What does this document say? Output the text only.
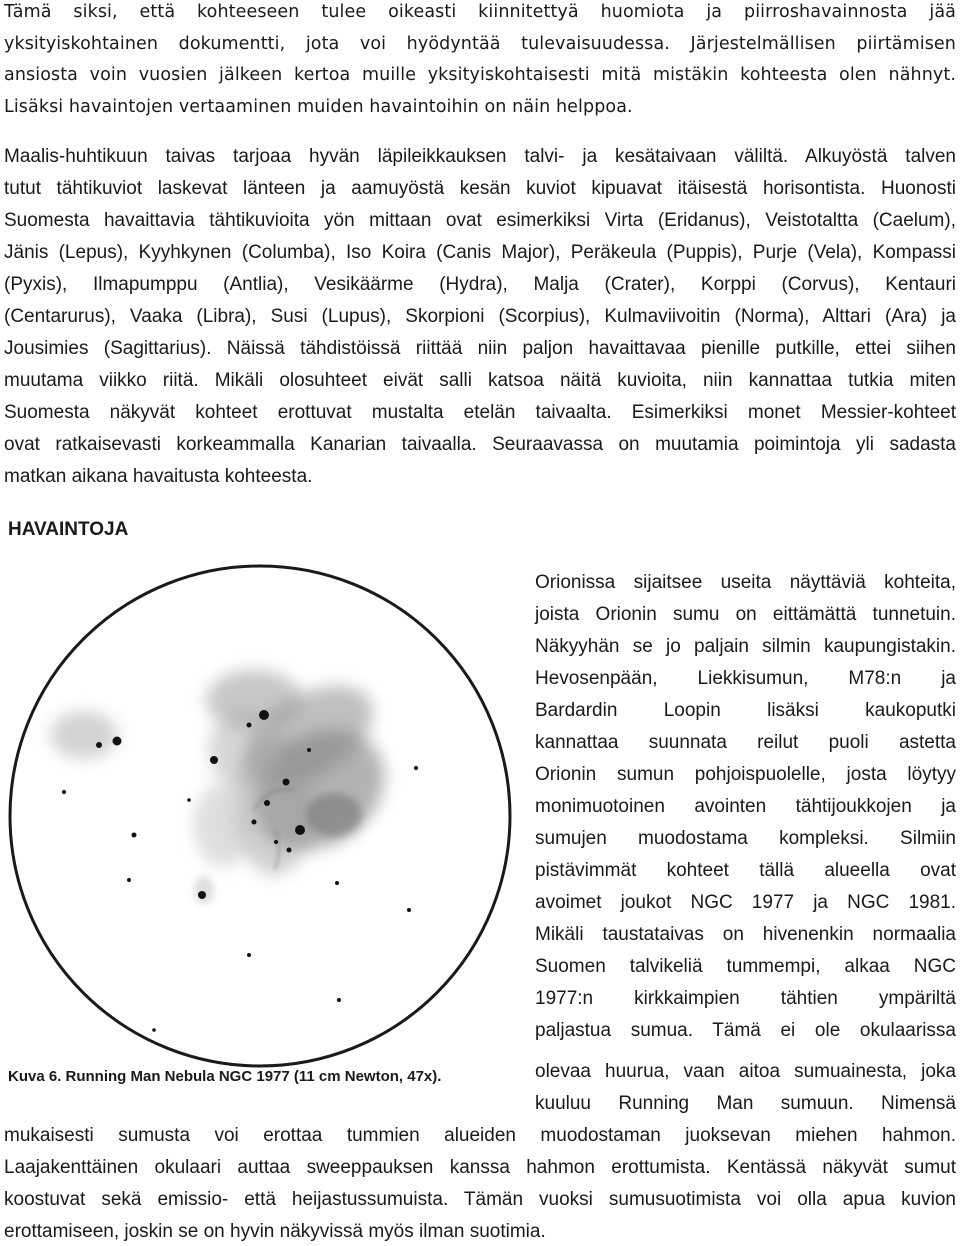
Tämä siksi, että kohteeseen tulee oikeasti kiinnitettyä huomiota ja piirroshavainnosta jää

yksityiskohtainen dokumentti, jota voi hyödyntää tulevaisuudessa. Järjestelmällisen piirtämisen

ansiosta voin vuosien jälkeen kertoa muille yksityiskohtaisesti mitä mistäkin kohteesta olen nähnyt.

Lisäksi havaintojen vertaaminen muiden havaintoihin on näin helppoa.

Maalis-huhtikuun taivas tarjoaa hyvän läpileikkauksen talvi- ja kesätaivaan väliltä. Alkuyöstä talven

tutut tähtikuviot laskevat länteen ja aamuyöstä kesän kuviot kipuavat itäisestä horisontista. Huonosti

Suomesta havaittavia tähtikuvioita yön mittaan ovat esimerkiksi Virta (Eridanus), Veistotaltta (Caelum),

Jänis (Lepus), Kyyhkynen (Columba), Iso Koira (Canis Major), Peräkeula (Puppis), Purje (Vela), Kompassi

(Pyxis), Ilmapumppu (Antlia), Vesikäärme (Hydra), Malja (Crater), Korppi (Corvus), Kentauri

(Centarurus), Vaaka (Libra), Susi (Lupus), Skorpioni (Scorpius), Kulmaviivoitin (Norma), Alttari (Ara) ja

Jousimies (Sagittarius). Näissä tähdistöissä riittää niin paljon havaittavaa pienille putkille, ettei siihen

muutama viikko riitä. Mikäli olosuhteet eivät salli katsoa näitä kuvioita, niin kannattaa tutkia miten

Suomesta näkyvät kohteet erottuvat mustalta etelän taivaalta. Esimerkiksi monet Messier-kohteet

ovat ratkaisevasti korkeammalla Kanarian taivaalla. Seuraavassa on muutamia poimintoja yli sadasta

matkan aikana havaitusta kohteesta.

HAVAINTOJA

Orionissa sijaitsee useita näyttäviä kohteita,

joista Orionin sumu on eittämättä tunnetuin.

Näkyyhän se jo paljain silmin kaupungistakin.

Hevosenpään, Liekkisumun, M78:n ja

Bardardin Loopin lisäksi kaukoputki

kannattaa suunnata reilut puoli astetta

Orionin sumun pohjoispuolelle, josta löytyy

monimuotoinen avointen tähtijoukkojen ja

sumujen muodostama kompleksi. Silmiin

pistävimmät kohteet tällä alueella ovat

avoimet joukot NGC 1977 ja NGC 1981.

Mikäli taustataivas on hivenenkin normaalia

Suomen talvikeliä tummempi, alkaa NGC

1977:n kirkkaimpien tähtien ympäriltä

paljastua sumua. Tämä ei ole okulaarissa

olevaa huurua, vaan aitoa sumuainesta, joka

kuuluu Running Man sumuun. Nimensä

Kuva 6. Running Man Nebula NGC 1977 (11 cm Newton, 47x).

mukaisesti sumusta voi erottaa tummien alueiden muodostaman juoksevan miehen hahmon.

Laajakenttäinen okulaari auttaa sweeppauksen kanssa hahmon erottumista. Kentässä näkyvät sumut

koostuvat sekä emissio- että heijastussumuista. Tämän vuoksi sumusuotimista voi olla apua kuvion

erottamiseen, joskin se on hyvin näkyvissä myös ilman suotimia.
